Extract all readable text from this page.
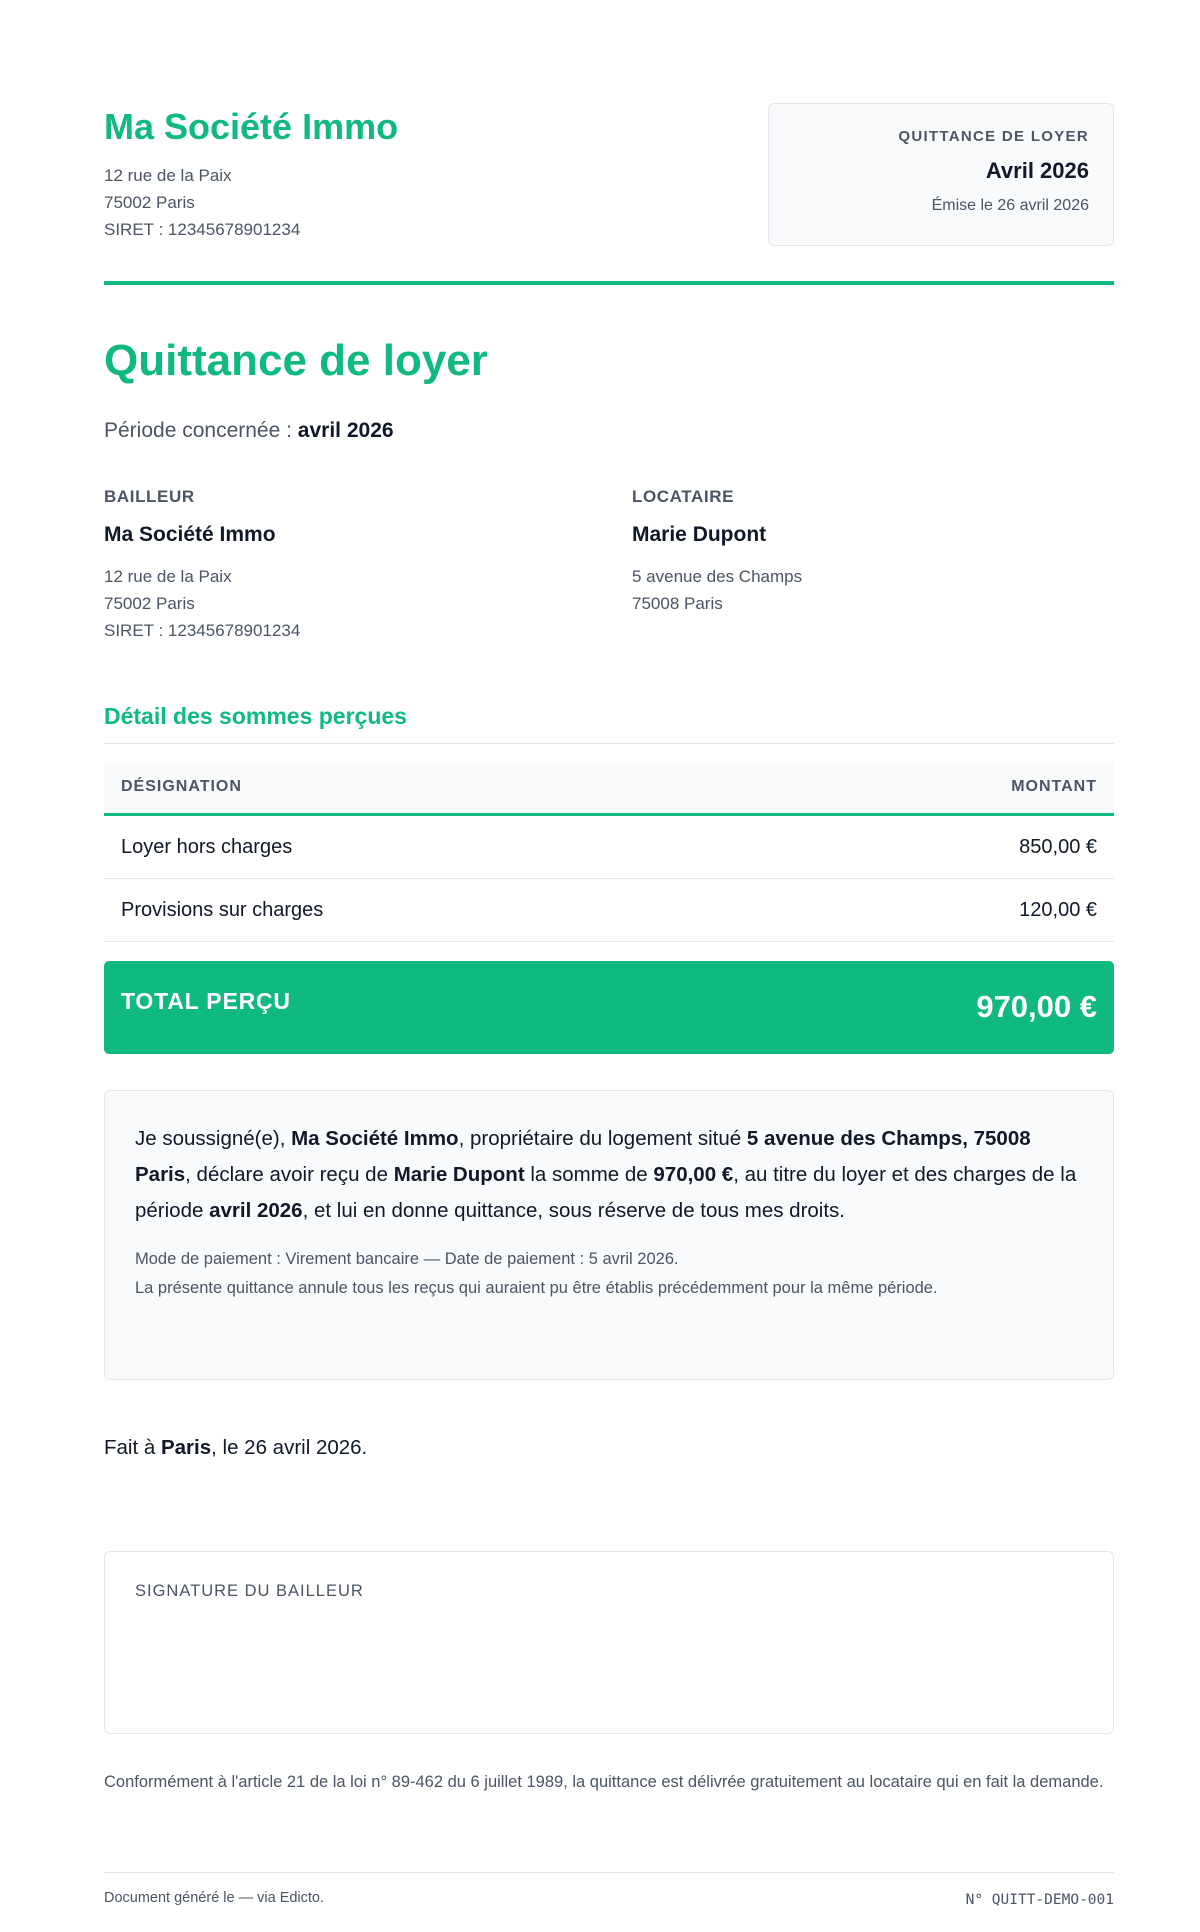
Ma Société Immo
12 rue de la Paix
75002 Paris
SIRET : 12345678901234
QUITTANCE DE LOYER
Avril 2026
Émise le 26 avril 2026
Quittance de loyer
Période concernée : avril 2026
BAILLEUR
Ma Société Immo
12 rue de la Paix
75002 Paris
SIRET : 12345678901234
LOCATAIRE
Marie Dupont
5 avenue des Champs
75008 Paris
Détail des sommes perçues
DÉSIGNATION	MONTANT
Loyer hors charges	850,00 €
Provisions sur charges	120,00 €
TOTAL PERÇU	970,00 €

Je soussigné(e), Ma Société Immo, propriétaire du logement situé 5 avenue des Champs, 75008 Paris, déclare avoir reçu de Marie Dupont la somme de 970,00 €, au titre du loyer et des charges de la période avril 2026, et lui en donne quittance, sous réserve de tous mes droits.

Mode de paiement : Virement bancaire — Date de paiement : 5 avril 2026.
La présente quittance annule tous les reçus qui auraient pu être établis précédemment pour la même période.
Fait à Paris, le 26 avril 2026.
SIGNATURE DU BAILLEUR
Conformément à l'article 21 de la loi n° 89-462 du 6 juillet 1989, la quittance est délivrée gratuitement au locataire qui en fait la demande.
Document généré le — via Edicto.	N° QUITT-DEMO-001
